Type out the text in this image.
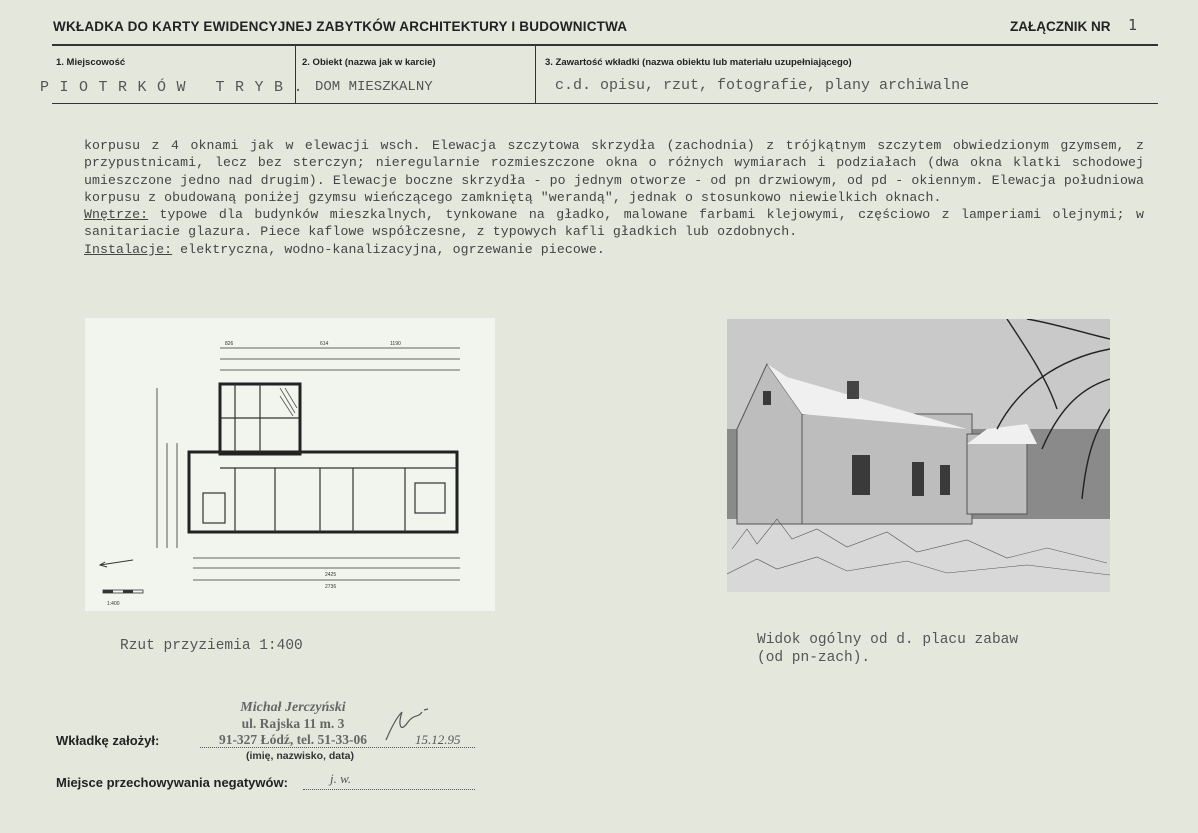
WKŁADKA DO KARTY EWIDENCYJNEJ ZABYTKÓW ARCHITEKTURY I BUDOWNICTWA	ZAŁĄCZNIK NR 1
1. Miejscowość
PIOTRKÓW TRYB.
2. Obiekt (nazwa jak w karcie)
DOM MIESZKALNY
3. Zawartość wkładki (nazwa obiektu lub materiału uzupełniającego)
c.d. opisu, rzut, fotografie, plany archiwalne

korpusu z 4 oknami jak w elewacji wsch. Elewacja szczytowa skrzydła (zachodnia) z trójkątnym szczytem obwiedzionym gzymsem, z przypustnicami, lecz bez sterczyn; nieregularnie rozmieszczone okna o różnych wymiarach i podziałach (dwa okna klatki schodowej umieszczone jedno nad drugim). Elewacje boczne skrzydła - po jednym otworze - od pn drzwiowym, od pd - okiennym. Elewacja południowa korpusu z obudowaną poniżej gzymsu wieńczącego zamkniętą "werandą", jednak o stosunkowo niewielkich oknach.

Wnętrze: typowe dla budynków mieszkalnych, tynkowane na gładko, malowane farbami klejowymi, częściowo z lamperiami olejnymi; w sanitariacie glazura. Piece kaflowe współczesne, z typowych kafli gładkich lub ozdobnych.

Instalacje: elektryczna, wodno-kanalizacyjna, ogrzewanie piecowe.

826	614	1190
2425
2736
1:400
Rzut przyziemia 1:400	Widok ogólny od d. placu zabaw
(od pn-zach).
Michał Jerczyński
ul. Rajska 11 m. 3
91-327 Łódź, tel. 51-33-06
(imię, nazwisko, data)
15.12.95
Wkładkę założył:
Miejsce przechowywania negatywów:	j. w.
